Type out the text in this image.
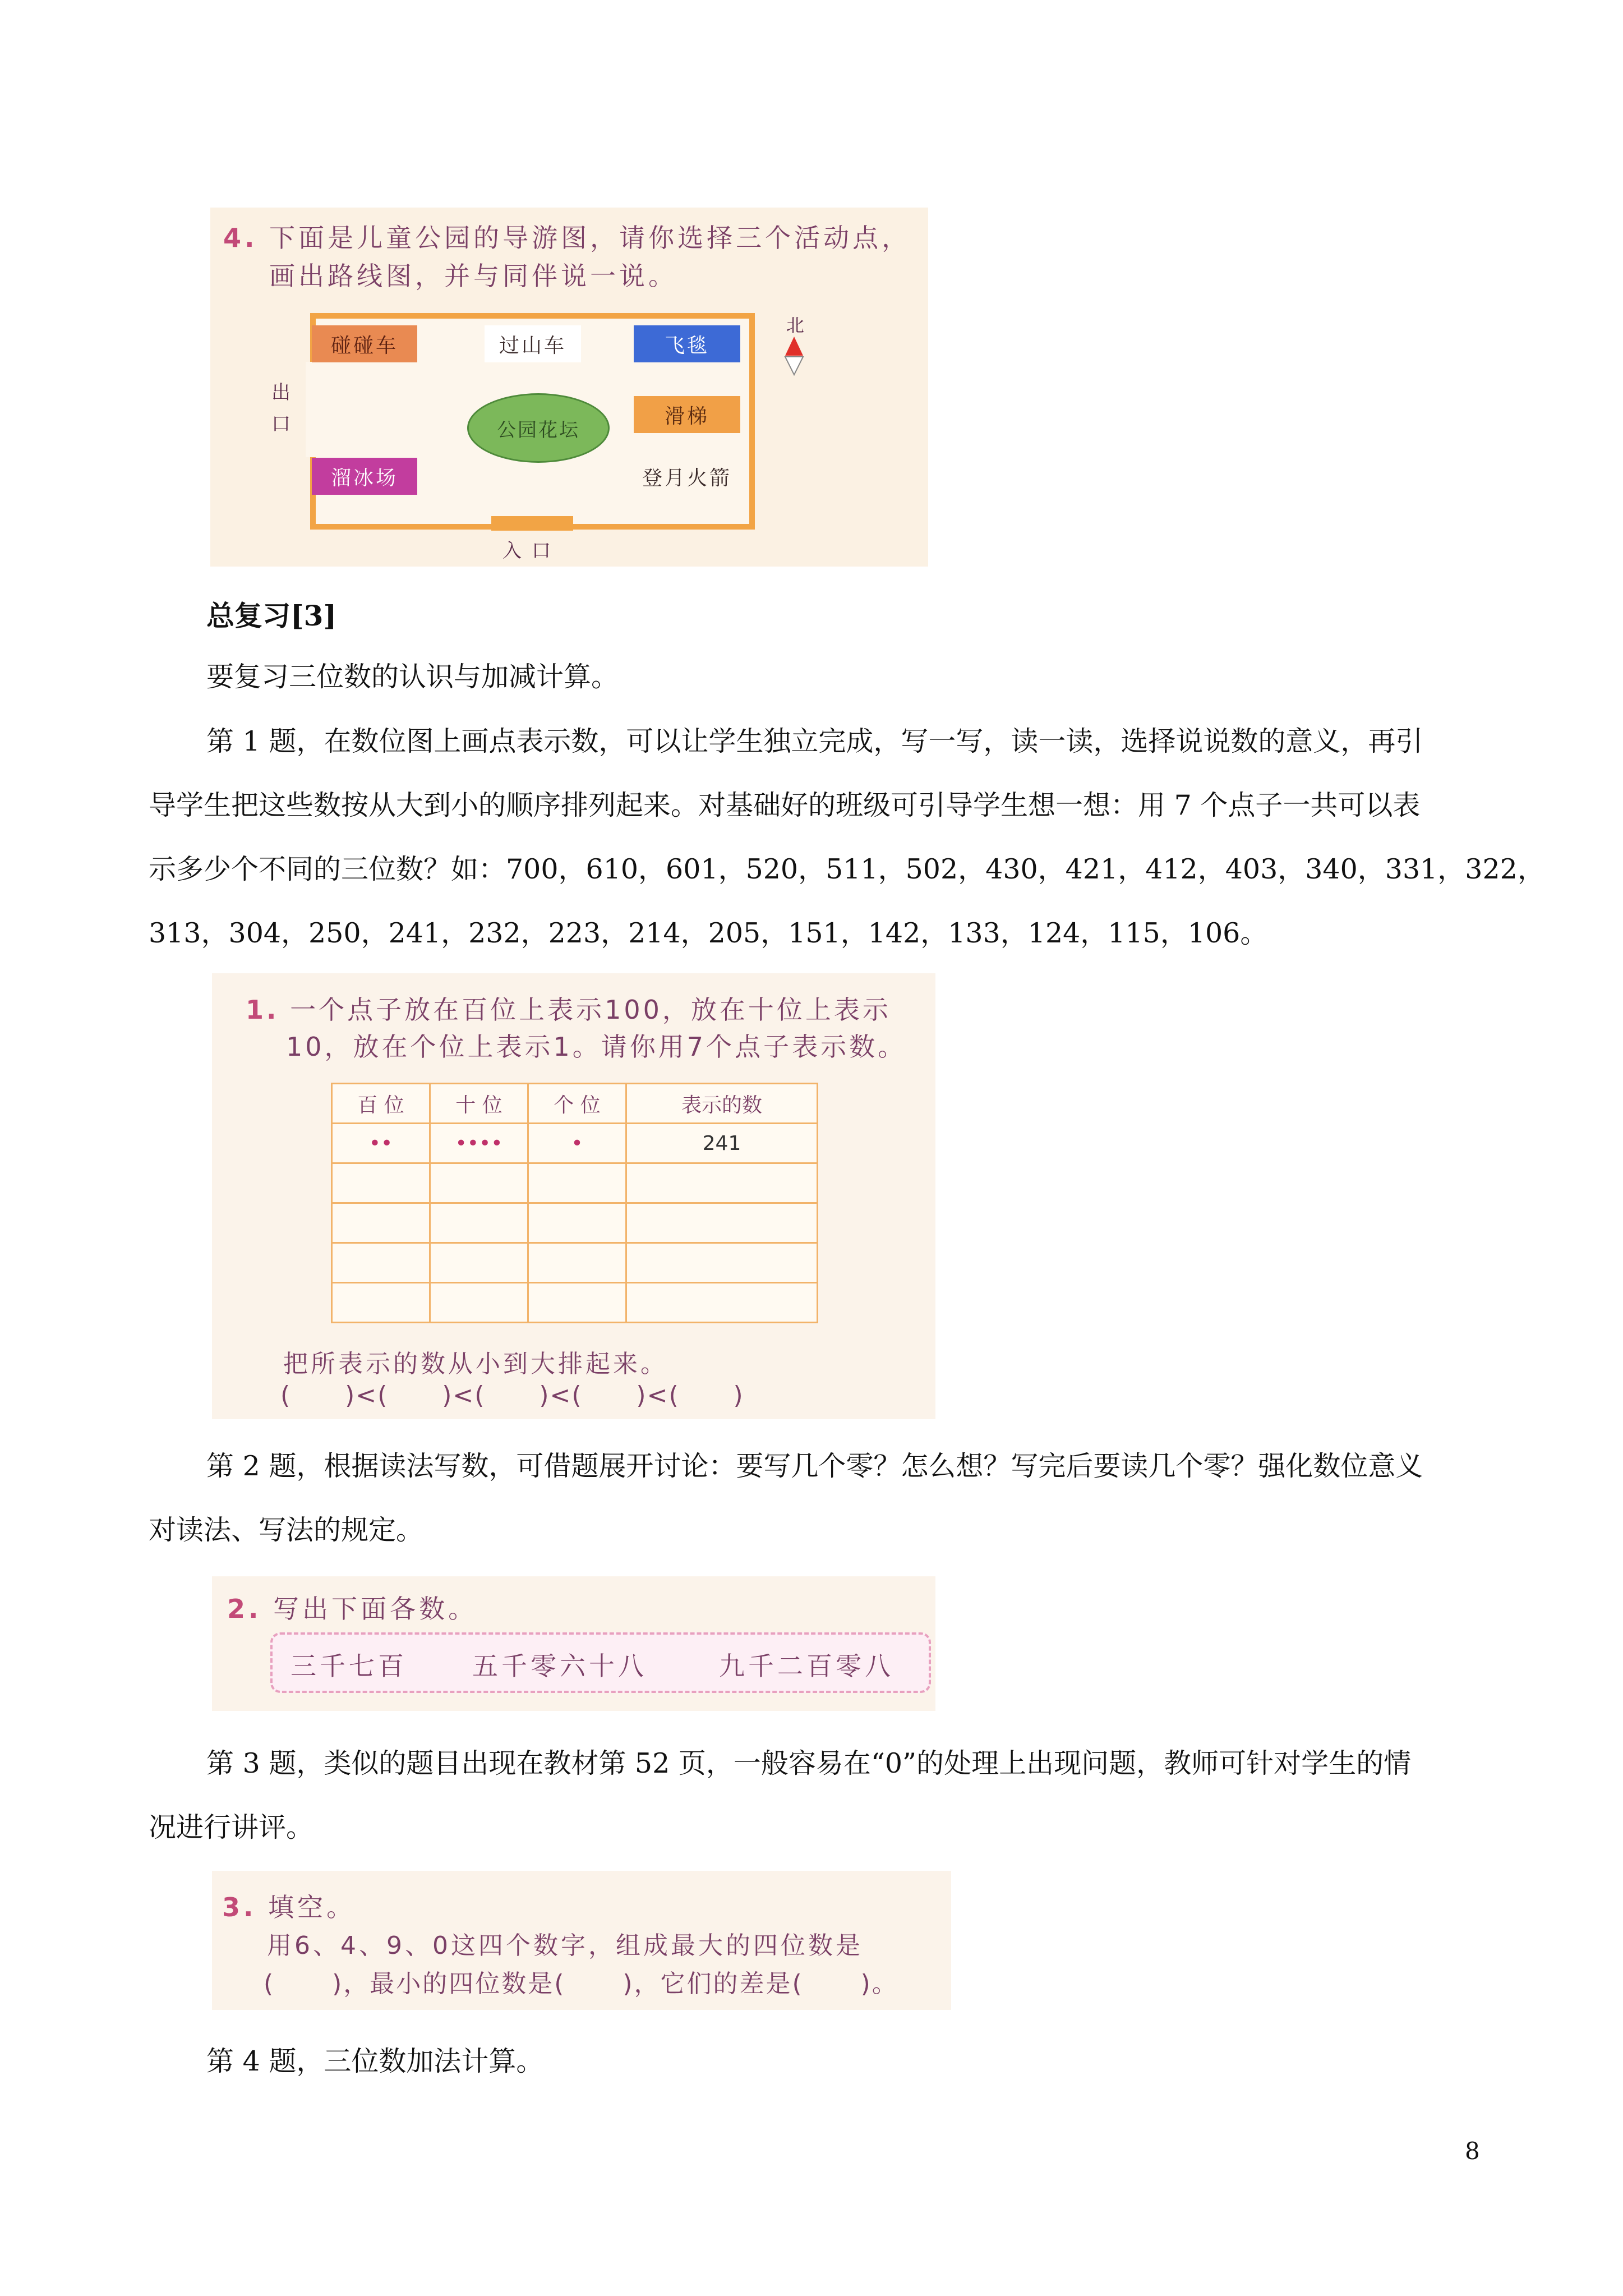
4. 下面是儿童公园的导游图，请你选择三个活动点，
画出路线图，并与同伴说一说。
出
口
入口
北
碰碰车	过山车	飞毯
滑梯
溜冰场	登月火箭
公园花坛
总复习[3]
要复习三位数的认识与加减计算。
第 1 题，在数位图上画点表示数，可以让学生独立完成，写一写，读一读，选择说说数的意义，再引
导学生把这些数按从大到小的顺序排列起来。对基础好的班级可引导学生想一想：用 7 个点子一共可以表
示多少个不同的三位数？如：700，610，601，520，511，502，430，421，412，403，340，331，322，
313，304，250，241，232，223，214，205，151，142，133，124，115，106。
1. 一个点子放在百位上表示100，放在十位上表示
10，放在个位上表示1。请你用7个点子表示数。
百 位	十 位	个 位	表示的数
••	••••	•	241

把所表示的数从小到大排起来。
(      )<(      )<(      )<(      )<(      )
第 2 题，根据读法写数，可借题展开讨论：要写几个零？怎么想？写完后要读几个零？强化数位意义
对读法、写法的规定。
2. 写出下面各数。
三千七百	五千零六十八	九千二百零八
第 3 题，类似的题目出现在教材第 52 页，一般容易在“0”的处理上出现问题，教师可针对学生的情
况进行讲评。
3. 填空。
用6、4、9、0这四个数字，组成最大的四位数是
(      )，最小的四位数是(      )，它们的差是(      )。
第 4 题，三位数加法计算。
8
